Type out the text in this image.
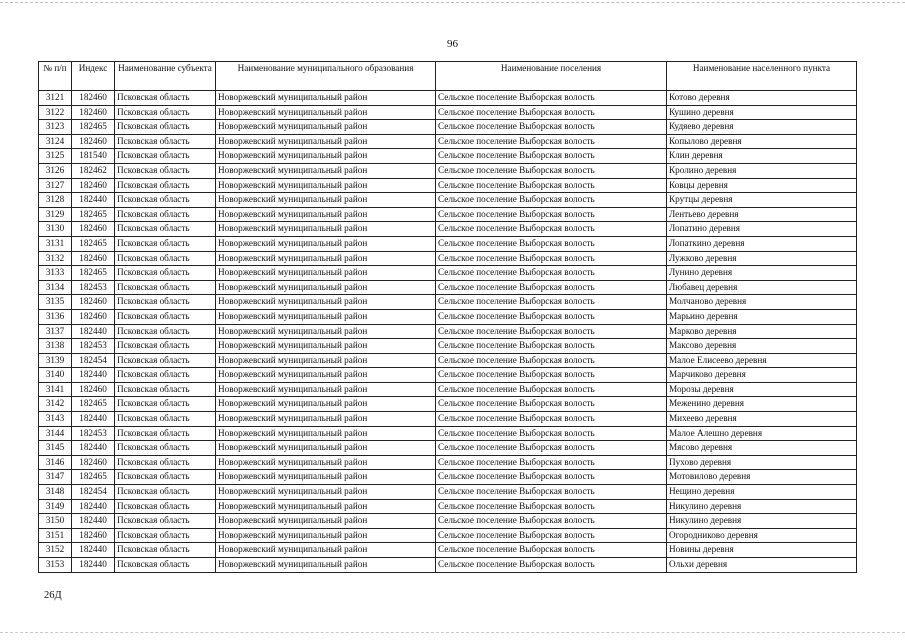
96
№ п/п	Индекс	Наименование субъекта	Наименование муниципального образования	Наименование поселения	Наименование населенного пункта
3121	182460	Псковская область	Новоржевский муниципальный район	Сельское поселение Выборская волость	Котово деревня
3122	182460	Псковская область	Новоржевский муниципальный район	Сельское поселение Выборская волость	Кушино деревня
3123	182465	Псковская область	Новоржевский муниципальный район	Сельское поселение Выборская волость	Кудяево деревня
3124	182460	Псковская область	Новоржевский муниципальный район	Сельское поселение Выборская волость	Копылово деревня
3125	181540	Псковская область	Новоржевский муниципальный район	Сельское поселение Выборская волость	Клин деревня
3126	182462	Псковская область	Новоржевский муниципальный район	Сельское поселение Выборская волость	Кролино деревня
3127	182460	Псковская область	Новоржевский муниципальный район	Сельское поселение Выборская волость	Ковцы деревня
3128	182440	Псковская область	Новоржевский муниципальный район	Сельское поселение Выборская волость	Крутцы деревня
3129	182465	Псковская область	Новоржевский муниципальный район	Сельское поселение Выборская волость	Лентьево деревня
3130	182460	Псковская область	Новоржевский муниципальный район	Сельское поселение Выборская волость	Лопатино деревня
3131	182465	Псковская область	Новоржевский муниципальный район	Сельское поселение Выборская волость	Лопаткино деревня
3132	182460	Псковская область	Новоржевский муниципальный район	Сельское поселение Выборская волость	Лужково деревня
3133	182465	Псковская область	Новоржевский муниципальный район	Сельское поселение Выборская волость	Лунино деревня
3134	182453	Псковская область	Новоржевский муниципальный район	Сельское поселение Выборская волость	Любавец деревня
3135	182460	Псковская область	Новоржевский муниципальный район	Сельское поселение Выборская волость	Молчаново деревня
3136	182460	Псковская область	Новоржевский муниципальный район	Сельское поселение Выборская волость	Марьино деревня
3137	182440	Псковская область	Новоржевский муниципальный район	Сельское поселение Выборская волость	Марково деревня
3138	182453	Псковская область	Новоржевский муниципальный район	Сельское поселение Выборская волость	Максово деревня
3139	182454	Псковская область	Новоржевский муниципальный район	Сельское поселение Выборская волость	Малое Елисеево деревня
3140	182440	Псковская область	Новоржевский муниципальный район	Сельское поселение Выборская волость	Марчиково деревня
3141	182460	Псковская область	Новоржевский муниципальный район	Сельское поселение Выборская волость	Морозы деревня
3142	182465	Псковская область	Новоржевский муниципальный район	Сельское поселение Выборская волость	Меженино деревня
3143	182440	Псковская область	Новоржевский муниципальный район	Сельское поселение Выборская волость	Михеево деревня
3144	182453	Псковская область	Новоржевский муниципальный район	Сельское поселение Выборская волость	Малое Алешно деревня
3145	182440	Псковская область	Новоржевский муниципальный район	Сельское поселение Выборская волость	Мясово деревня
3146	182460	Псковская область	Новоржевский муниципальный район	Сельское поселение Выборская волость	Пухово деревня
3147	182465	Псковская область	Новоржевский муниципальный район	Сельское поселение Выборская волость	Мотовилово деревня
3148	182454	Псковская область	Новоржевский муниципальный район	Сельское поселение Выборская волость	Нещино деревня
3149	182440	Псковская область	Новоржевский муниципальный район	Сельское поселение Выборская волость	Никулино деревня
3150	182440	Псковская область	Новоржевский муниципальный район	Сельское поселение Выборская волость	Никулино деревня
3151	182460	Псковская область	Новоржевский муниципальный район	Сельское поселение Выборская волость	Огородниково деревня
3152	182440	Псковская область	Новоржевский муниципальный район	Сельское поселение Выборская волость	Новины деревня
3153	182440	Псковская область	Новоржевский муниципальный район	Сельское поселение Выборская волость	Ольхи деревня
26Д
